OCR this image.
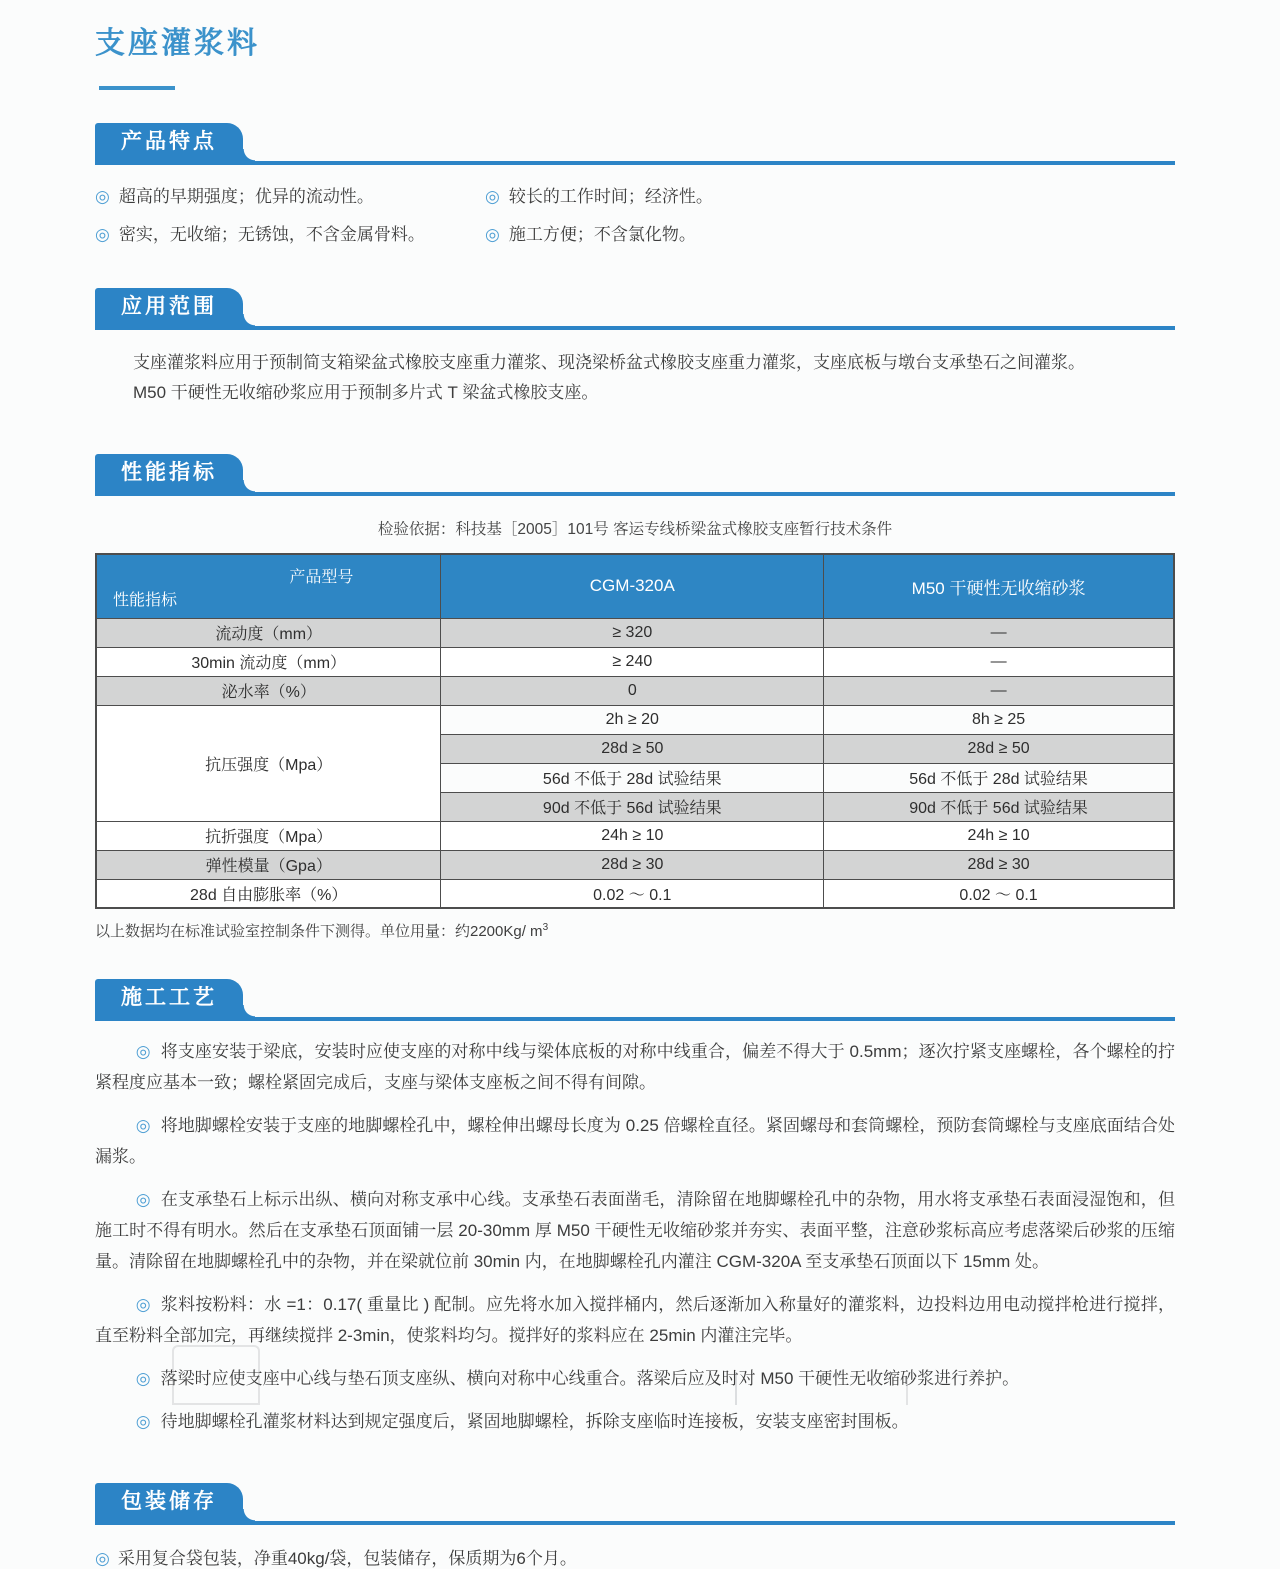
支座灌浆料
产品特点
◎
超高的早期强度；优异的流动性。 ◎	较长的工作时间；经济性。
◎
密实，无收缩；无锈蚀，不含金属骨料。 ◎	施工方便；不含氯化物。
应用范围

支座灌浆料应用于预制简支箱梁盆式橡胶支座重力灌浆、现浇梁桥盆式橡胶支座重力灌浆，支座底板与墩台支承垫石之间灌浆。

M50 干硬性无收缩砂浆应用于预制多片式 T 梁盆式橡胶支座。

性能指标

检验依据：科技基［2005］101号 客运专线桥梁盆式橡胶支座暂行技术条件

产品型号
性能指标	CGM-320A	M50 干硬性无收缩砂浆
流动度（mm）	≥ 320	—
30min 流动度（mm）	≥ 240	—
泌水率（%）	0	—
抗压强度（Mpa）	2h ≥ 20	8h ≥ 25
	28d ≥ 50	28d ≥ 50
	56d 不低于 28d 试验结果	56d 不低于 28d 试验结果
	90d 不低于 56d 试验结果	90d 不低于 56d 试验结果
抗折强度（Mpa）	24h ≥ 10	24h ≥ 10
弹性模量（Gpa）	28d ≥ 30	28d ≥ 30
28d 自由膨胀率（%）	0.02 ～ 0.1	0.02 ～ 0.1

以上数据均在标准试验室控制条件下测得。单位用量：约2200Kg/ $m^3$

施工工艺

◎ 将支座安装于梁底，安装时应使支座的对称中线与梁体底板的对称中线重合，偏差不得大于 0.5mm；逐次拧紧支座螺栓，各个螺栓的拧紧程度应基本一致；螺栓紧固完成后，支座与梁体支座板之间不得有间隙。

◎ 将地脚螺栓安装于支座的地脚螺栓孔中，螺栓伸出螺母长度为 0.25 倍螺栓直径。紧固螺母和套筒螺栓，预防套筒螺栓与支座底面结合处漏浆。

◎ 在支承垫石上标示出纵、横向对称支承中心线。支承垫石表面凿毛，清除留在地脚螺栓孔中的杂物，用水将支承垫石表面浸湿饱和，但施工时不得有明水。然后在支承垫石顶面铺一层 20-30mm 厚 M50 干硬性无收缩砂浆并夯实、表面平整，注意砂浆标高应考虑落梁后砂浆的压缩量。清除留在地脚螺栓孔中的杂物，并在梁就位前 30min 内，在地脚螺栓孔内灌注 CGM-320A 至支承垫石顶面以下 15mm 处。

◎ 浆料按粉料：水 =1：0.17( 重量比 ) 配制。应先将水加入搅拌桶内，然后逐渐加入称量好的灌浆料，边投料边用电动搅拌枪进行搅拌，直至粉料全部加完，再继续搅拌 2-3min，使浆料均匀。搅拌好的浆料应在 25min 内灌注完毕。

◎ 落梁时应使支座中心线与垫石顶支座纵、横向对称中心线重合。落梁后应及时对 M50 干硬性无收缩砂浆进行养护。

◎ 待地脚螺栓孔灌浆材料达到规定强度后，紧固地脚螺栓，拆除支座临时连接板，安装支座密封围板。

包装储存
◎
采用复合袋包装，净重40kg/袋，包装储存，保质期为6个月。
